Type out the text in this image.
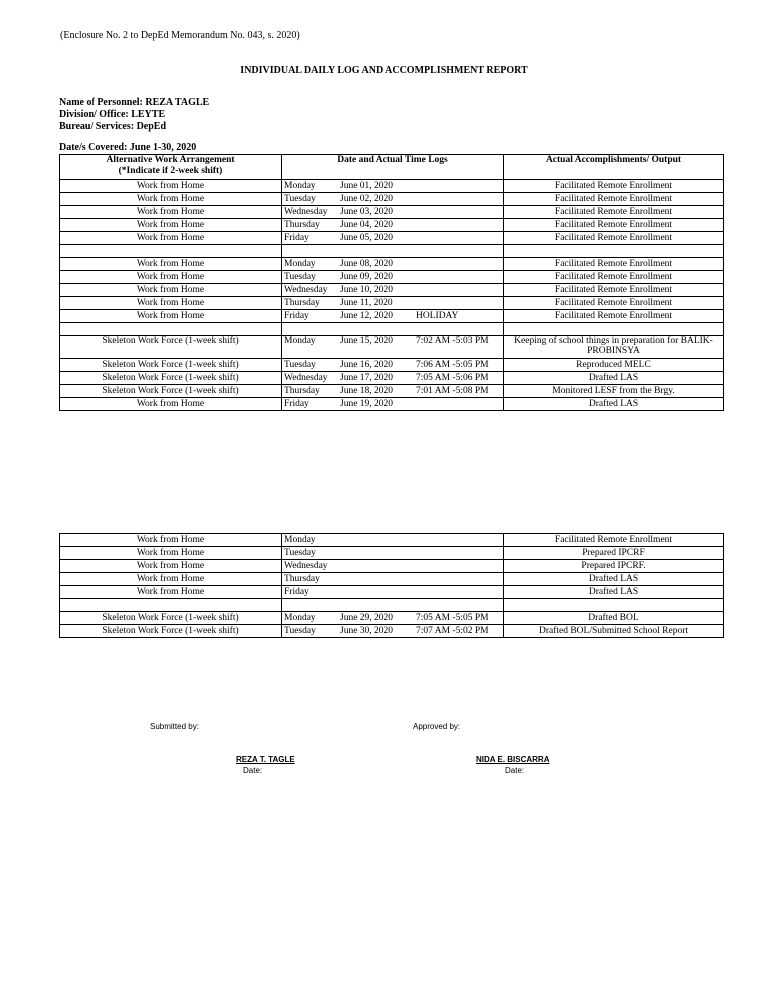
(Enclosure No. 2 to DepEd Memorandum No. 043, s. 2020)
INDIVIDUAL DAILY LOG AND ACCOMPLISHMENT REPORT
Name of Personnel: REZA TAGLE
Division/ Office: LEYTE
Bureau/ Services: DepEd
Date/s Covered: June 1-30, 2020
Alternative Work Arrangement
(*Indicate if 2-week shift)	Date and Actual Time Logs	Actual Accomplishments/ Output
Work from Home	Monday June 01, 2020	Facilitated Remote Enrollment
Work from Home	Tuesday June 02, 2020	Facilitated Remote Enrollment
Work from Home	Wednesday June 03, 2020	Facilitated Remote Enrollment
Work from Home	Thursday June 04, 2020	Facilitated Remote Enrollment
Work from Home	Friday June 05, 2020	Facilitated Remote Enrollment

Work from Home	Monday June 08, 2020	Facilitated Remote Enrollment
Work from Home	Tuesday June 09, 2020	Facilitated Remote Enrollment
Work from Home	Wednesday June 10, 2020	Facilitated Remote Enrollment
Work from Home	Thursday June 11, 2020	Facilitated Remote Enrollment
Work from Home	Friday June 12, 2020 HOLIDAY	Facilitated Remote Enrollment

Skeleton Work Force (1-week shift)	Monday June 15, 2020 7:02 AM -5:03 PM	Keeping of school things in preparation for BALIK-PROBINSYA
Skeleton Work Force (1-week shift)	Tuesday June 16, 2020 7:06 AM -5:05 PM	Reproduced MELC
Skeleton Work Force (1-week shift)	Wednesday June 17, 2020 7:05 AM -5:06 PM	Drafted LAS
Skeleton Work Force (1-week shift)	Thursday June 18, 2020 7:01 AM -5:08 PM	Monitored LESF from the Brgy.
Work from Home	Friday June 19, 2020	Drafted LAS
Work from Home	Monday	Facilitated Remote Enrollment
Work from Home	Tuesday	Prepared IPCRF
Work from Home	Wednesday	Prepared IPCRF.
Work from Home	Thursday	Drafted LAS
Work from Home	Friday	Drafted LAS

Skeleton Work Force (1-week shift)	Monday June 29, 2020 7:05 AM -5:05 PM	Drafted BOL
Skeleton Work Force (1-week shift)	Tuesday June 30, 2020 7:07 AM -5:02 PM	Drafted BOL/Submitted School Report
Submitted by:	Approved by:
REZA T. TAGLE
Date:
NIDA E. BISCARRA
Date:
